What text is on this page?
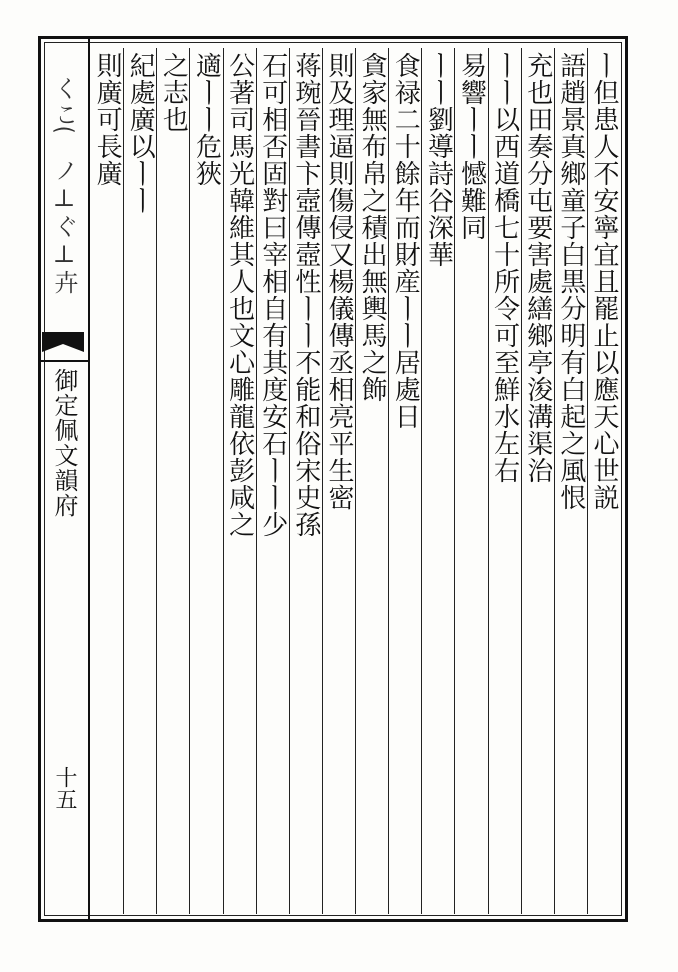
くこ⁀ノ⊥ぐ⊥卉
御定佩文韻府
十五
ㅣ但患人不安寧宜且罷止以應天心世説
語趙景真鄉童子白黒分明有白起之風恨
充也田奏分屯要害處繕鄉亭浚溝渠治
ㅣㅣ以西道橋七十所令可至鮮水左右
易響ㅣㅣ憾難同
ㅣㅣ劉導詩谷深華
食禄二十餘年而財産ㅣㅣ居處日
貪家無布帛之積出無輿馬之飾
則及理逼則傷侵又楊儀傳丞相亮平生密
蒋琬晉書卞壼傳壼性ㅣㅣ不能和俗宋史孫
石可相否固對曰宰相自有其度安石ㅣㅣ少
公著司馬光韓維其人也文心雕龍依彭咸之
適ㅣㅣ危狹
之志也
紀處廣以ㅣㅣ
則廣可長廣
